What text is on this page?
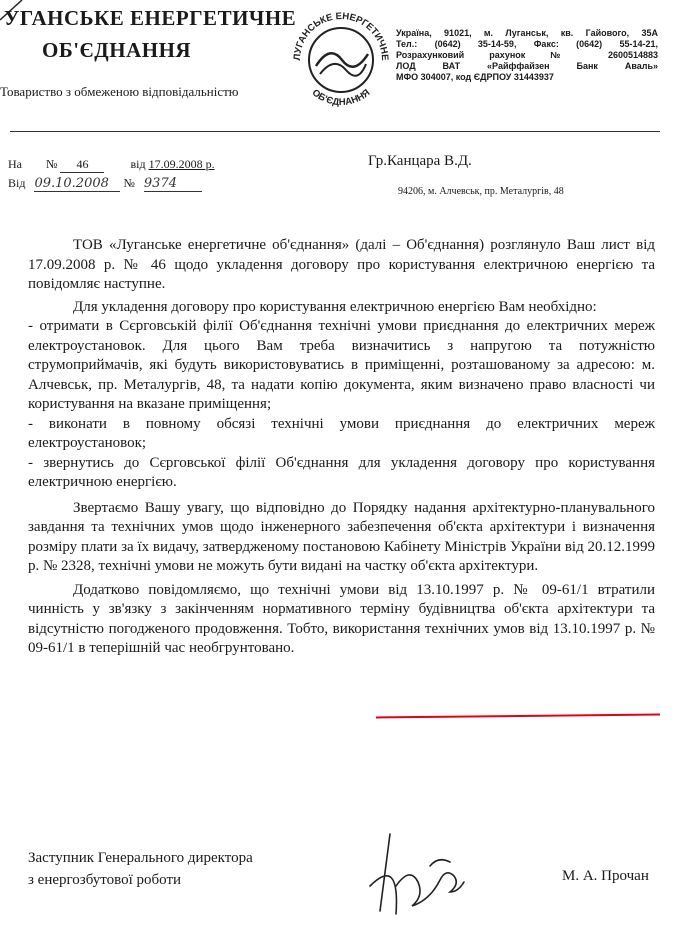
УГАНСЬКЕ ЕНЕРГЕТИЧНЕ
ОБ'ЄДНАННЯ
Товариство з обмеженою відповідальністю
ЛУГАНСЬКЕ ЕНЕРГЕТИЧНЕ
ОБ'ЄДНАННЯ
Україна, 91021, м. Луганськ, кв. Гайового, 35А
Тел.: (0642) 35-14-59, Факс: (0642) 55-14-21,
Розрахунковий рахунок № 2600514883
ЛОД ВАТ «Райффайзен Банк Аваль»
МФО 304007, код ЄДРПОУ 31443937
На № 46	від 17.09.2008 р.
Від 09.10.2008 № 9374
Гр.Канцара В.Д.
94206, м. Алчевськ, пр. Металургів, 48

ТОВ «Луганське енергетичне об'єднання» (далі – Об'єднання) розглянуло Ваш лист від 17.09.2008 р. № 46 щодо укладення договору про користування електричною енергією та повідомляє наступне.

Для укладення договору про користування електричною енергією Вам необхідно:

- отримати в Сєрговській філії Об'єднання технічні умови приєднання до електричних мереж електроустановок. Для цього Вам треба визначитись з напругою та потужністю струмоприймачів, які будуть використовуватись в приміщенні, розташованому за адресою: м. Алчевськ, пр. Металургів, 48, та надати копію документа, яким визначено право власності чи користування на вказане приміщення;

- виконати в повному обсязі технічні умови приєднання до електричних мереж електроустановок;

- звернутись до Сєрговської філії Об'єднання для укладення договору про користування електричною енергією.

Звертаємо Вашу увагу, що відповідно до Порядку надання архітектурно-планувального завдання та технічних умов щодо інженерного забезпечення об'єкта архітектури і визначення розміру плати за їх видачу, затвердженому постановою Кабінету Міністрів України від 20.12.1999 р. № 2328, технічні умови не можуть бути видані на частку об'єкта архітектури.

Додатково повідомляємо, що технічні умови від 13.10.1997 р. № 09-61/1 втратили чинність у зв'язку з закінченням нормативного терміну будівництва об'єкта архітектури та відсутністю погодженого продовження. Тобто, використання технічних умов від 13.10.1997 р. № 09-61/1 в теперішній час необгрунтовано.

Заступник Генерального директора
з енергозбутової роботи	М. А. Прочан
